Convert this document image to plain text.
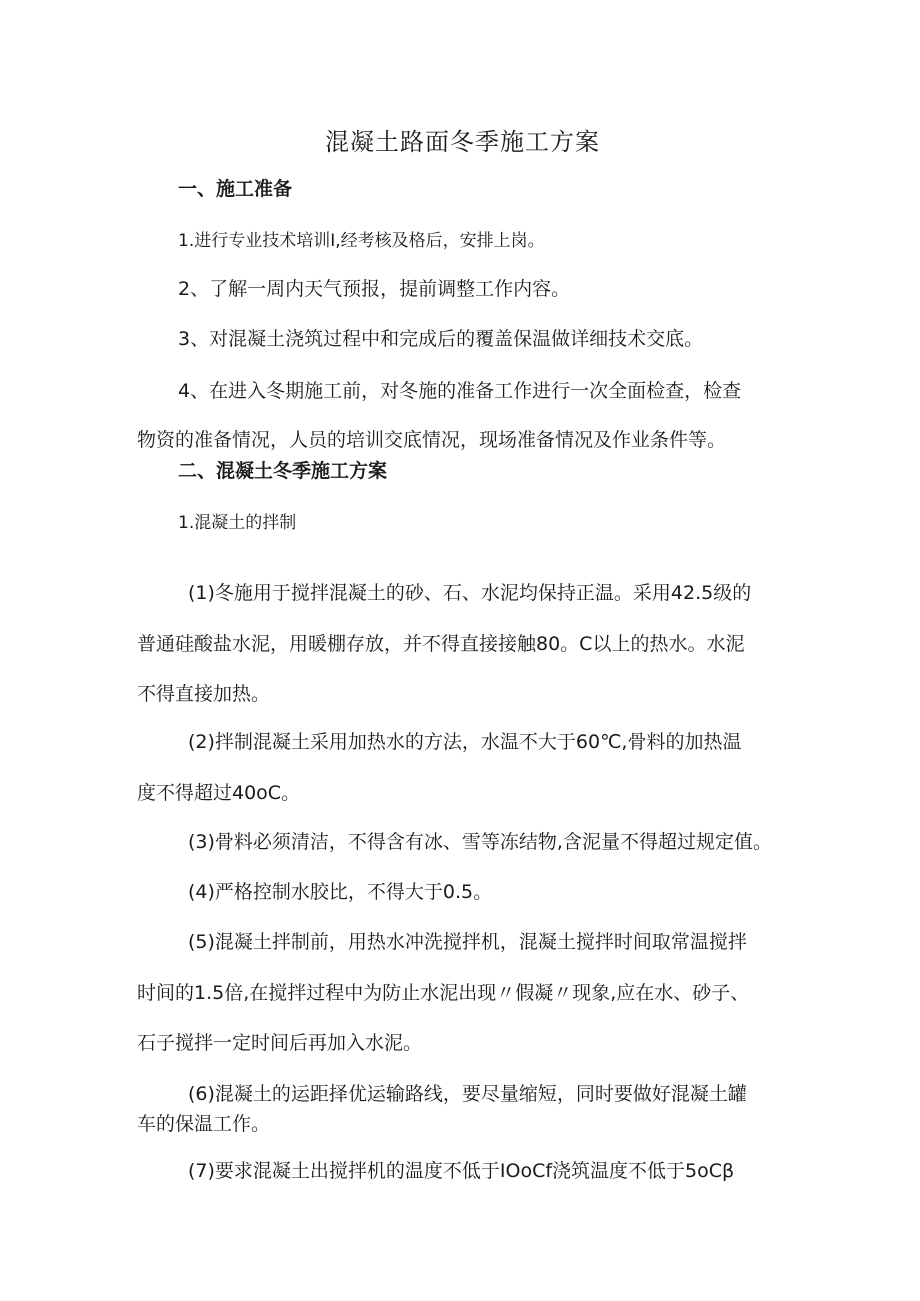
混凝土路面冬季施工方案
一、施工准备
1.进行专业技术培训Ⅰ,经考核及格后，安排上岗。
2、了解一周内天气预报，提前调整工作内容。
3、对混凝土浇筑过程中和完成后的覆盖保温做详细技术交底。
4、在进入冬期施工前，对冬施的准备工作进行一次全面检查，检查
物资的准备情况，人员的培训交底情况，现场准备情况及作业条件等。
二、混凝土冬季施工方案
1.混凝土的拌制
(1)冬施用于搅拌混凝土的砂、石、水泥均保持正温。采用42.5级的
普通硅酸盐水泥，用暖棚存放，并不得直接接触80。C以上的热水。水泥
不得直接加热。
(2)拌制混凝土采用加热水的方法，水温不大于60℃,骨料的加热温
度不得超过40oC。
(3)骨料必须清洁，不得含有冰、雪等冻结物,含泥量不得超过规定值。
(4)严格控制水胶比，不得大于0.5。
(5)混凝土拌制前，用热水冲洗搅拌机，混凝土搅拌时间取常温搅拌
时间的1.5倍,在搅拌过程中为防止水泥出现〃假凝〃现象,应在水、砂子、
石子搅拌一定时间后再加入水泥。
(6)混凝土的运距择优运输路线，要尽量缩短，同时要做好混凝土罐
车的保温工作。
(7)要求混凝土出搅拌机的温度不低于IOoCf浇筑温度不低于5oCβ
